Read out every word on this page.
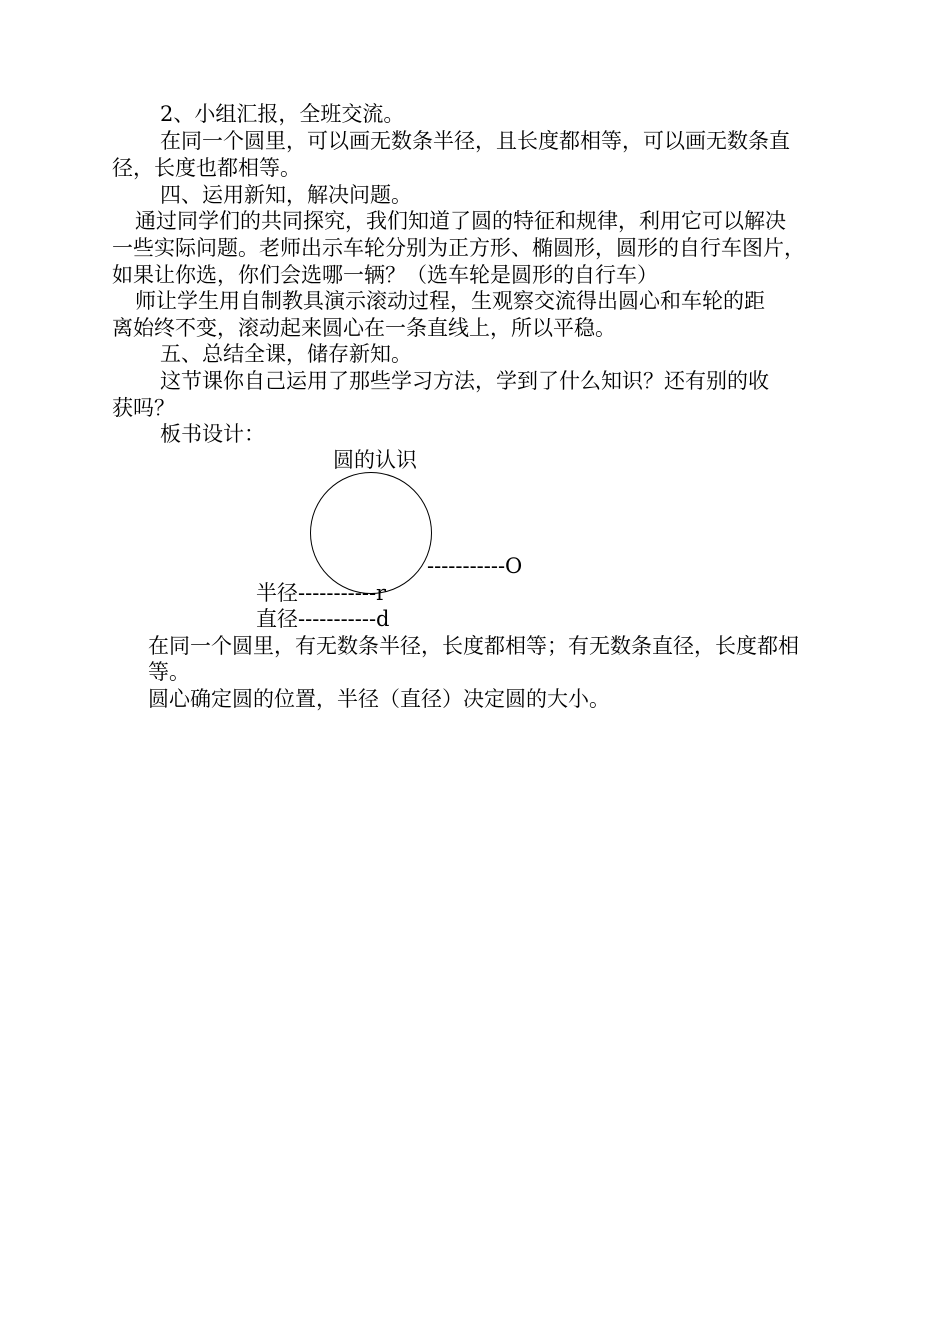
2、小组汇报，全班交流。
在同一个圆里，可以画无数条半径，且长度都相等，可以画无数条直
径，长度也都相等。
四、运用新知，解决问题。
通过同学们的共同探究，我们知道了圆的特征和规律，利用它可以解决
一些实际问题。老师出示车轮分别为正方形、椭圆形，圆形的自行车图片，
如果让你选，你们会选哪一辆？（选车轮是圆形的自行车）
师让学生用自制教具演示滚动过程，生观察交流得出圆心和车轮的距
离始终不变，滚动起来圆心在一条直线上，所以平稳。
五、总结全课，储存新知。
这节课你自己运用了那些学习方法，学到了什么知识？还有别的收
获吗？
板书设计：
圆的认识
-----------O
半径-----------r
直径-----------d
在同一个圆里，有无数条半径，长度都相等；有无数条直径，长度都相
等。
圆心确定圆的位置，半径（直径）决定圆的大小。
